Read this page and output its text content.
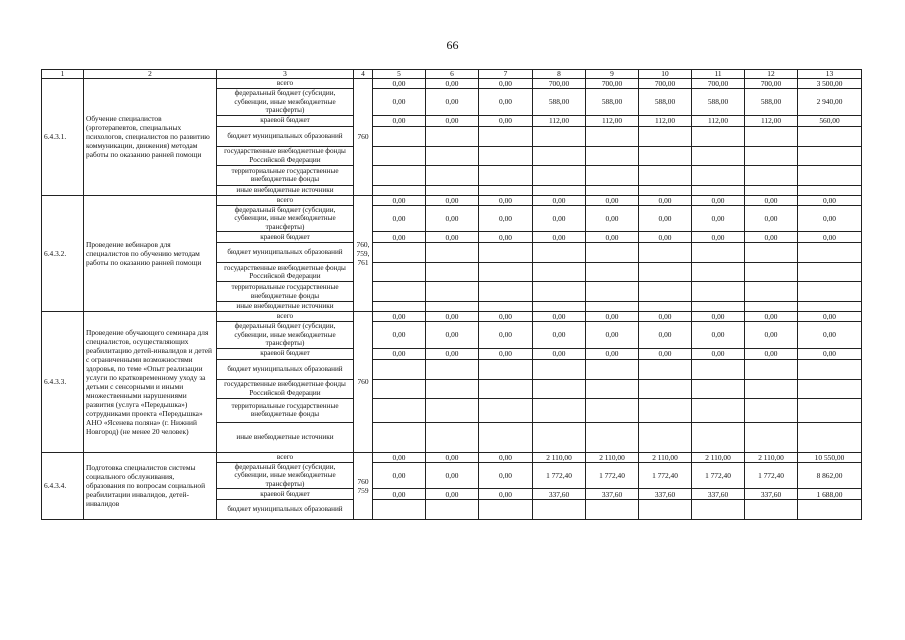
66
1	2	3	4	5	6	7	8	9	10	11	12	13
6.4.3.1.	Обучение специалистов (эрготерапевтов, специальных психологов, специалистов по развитию коммуникации, движения) методам работы по оказанию ранней помощи	всего	760	0,00	0,00	0,00	700,00	700,00	700,00	700,00	700,00	3 500,00
		федеральный бюджет (субсидии, субвенции, иные межбюджетные трансферты)		0,00	0,00	0,00	588,00	588,00	588,00	588,00	588,00	2 940,00
		краевой бюджет		0,00	0,00	0,00	112,00	112,00	112,00	112,00	112,00	560,00
		бюджет муниципальных образований										
		государственные внебюджетные фонды Российской Федерации										
		территориальные государственные внебюджетные фонды										
		иные внебюджетные источники										
6.4.3.2.	Проведение вебинаров для специалистов по обучению методам работы по оказанию ранней помощи	всего	760, 759, 761	0,00	0,00	0,00	0,00	0,00	0,00	0,00	0,00	0,00
		федеральный бюджет (субсидии, субвенции, иные межбюджетные трансферты)		0,00	0,00	0,00	0,00	0,00	0,00	0,00	0,00	0,00
		краевой бюджет		0,00	0,00	0,00	0,00	0,00	0,00	0,00	0,00	0,00
		бюджет муниципальных образований										
		государственные внебюджетные фонды Российской Федерации										
		территориальные государственные внебюджетные фонды										
		иные внебюджетные источники										
6.4.3.3.	Проведение обучающего семинара для специалистов, осуществляющих реабилитацию детей-инвалидов и детей с ограниченными возможностями здоровья, по теме «Опыт реализации услуги по кратковременному уходу за детьми с сенсорными и иными множественными нарушениями развития (услуга «Передышка») сотрудниками проекта «Передышка» АНО «Ясенева поляна» (г. Нижний Новгород) (не менее 20 человек)	всего	760	0,00	0,00	0,00	0,00	0,00	0,00	0,00	0,00	0,00
		федеральный бюджет (субсидии, субвенции, иные межбюджетные трансферты)		0,00	0,00	0,00	0,00	0,00	0,00	0,00	0,00	0,00
		краевой бюджет		0,00	0,00	0,00	0,00	0,00	0,00	0,00	0,00	0,00
		бюджет муниципальных образований										
		государственные внебюджетные фонды Российской Федерации										
		территориальные государственные внебюджетные фонды										
		иные внебюджетные источники										
6.4.3.4.	Подготовка специалистов системы социального обслуживания, образования по вопросам социальной реабилитации инвалидов, детей-инвалидов	всего	760 759	0,00	0,00	0,00	2 110,00	2 110,00	2 110,00	2 110,00	2 110,00	10 550,00
		федеральный бюджет (субсидии, субвенции, иные межбюджетные трансферты)		0,00	0,00	0,00	1 772,40	1 772,40	1 772,40	1 772,40	1 772,40	8 862,00
		краевой бюджет		0,00	0,00	0,00	337,60	337,60	337,60	337,60	337,60	1 688,00
		бюджет муниципальных образований										
